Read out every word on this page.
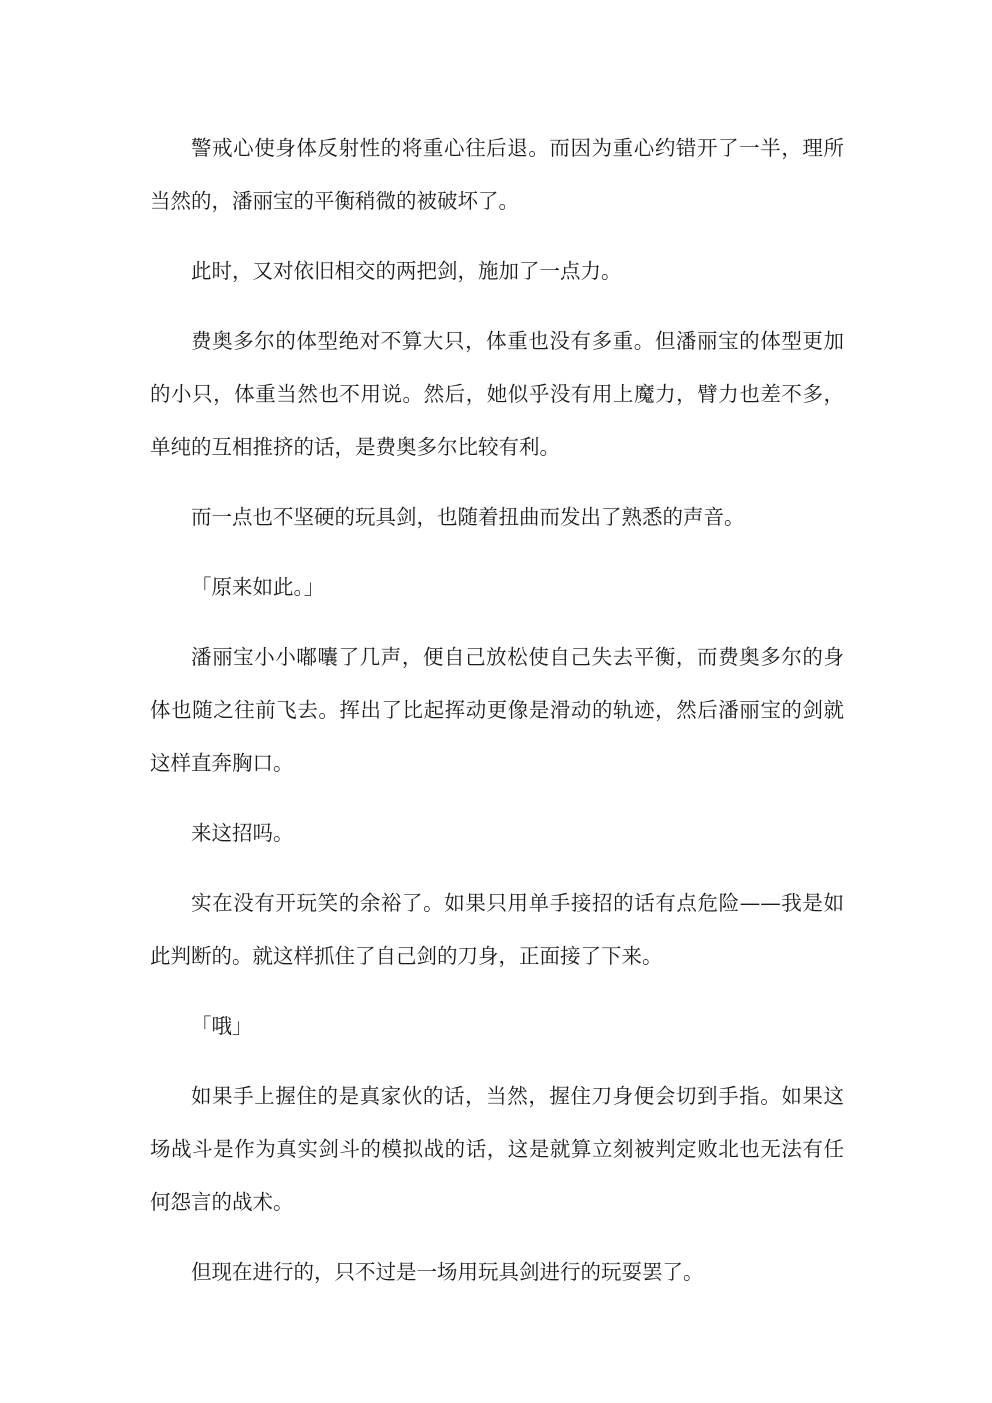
警戒心使身体反射性的将重心往后退。而因为重心约错开了一半，理所当然的，潘丽宝的平衡稍微的被破坏了。

此时，又对依旧相交的两把剑，施加了一点力。

费奥多尔的体型绝对不算大只，体重也没有多重。但潘丽宝的体型更加的小只，体重当然也不用说。然后，她似乎没有用上魔力，臂力也差不多，单纯的互相推挤的话，是费奥多尔比较有利。

而一点也不坚硬的玩具剑，也随着扭曲而发出了熟悉的声音。

「原来如此。」

潘丽宝小小嘟囔了几声，便自己放松使自己失去平衡，而费奥多尔的身体也随之往前飞去。挥出了比起挥动更像是滑动的轨迹，然后潘丽宝的剑就这样直奔胸口。

来这招吗。

实在没有开玩笑的余裕了。如果只用单手接招的话有点危险——我是如此判断的。就这样抓住了自己剑的刀身，正面接了下来。

「哦」

如果手上握住的是真家伙的话，当然，握住刀身便会切到手指。如果这场战斗是作为真实剑斗的模拟战的话，这是就算立刻被判定败北也无法有任何怨言的战术。

但现在进行的，只不过是一场用玩具剑进行的玩耍罢了。
